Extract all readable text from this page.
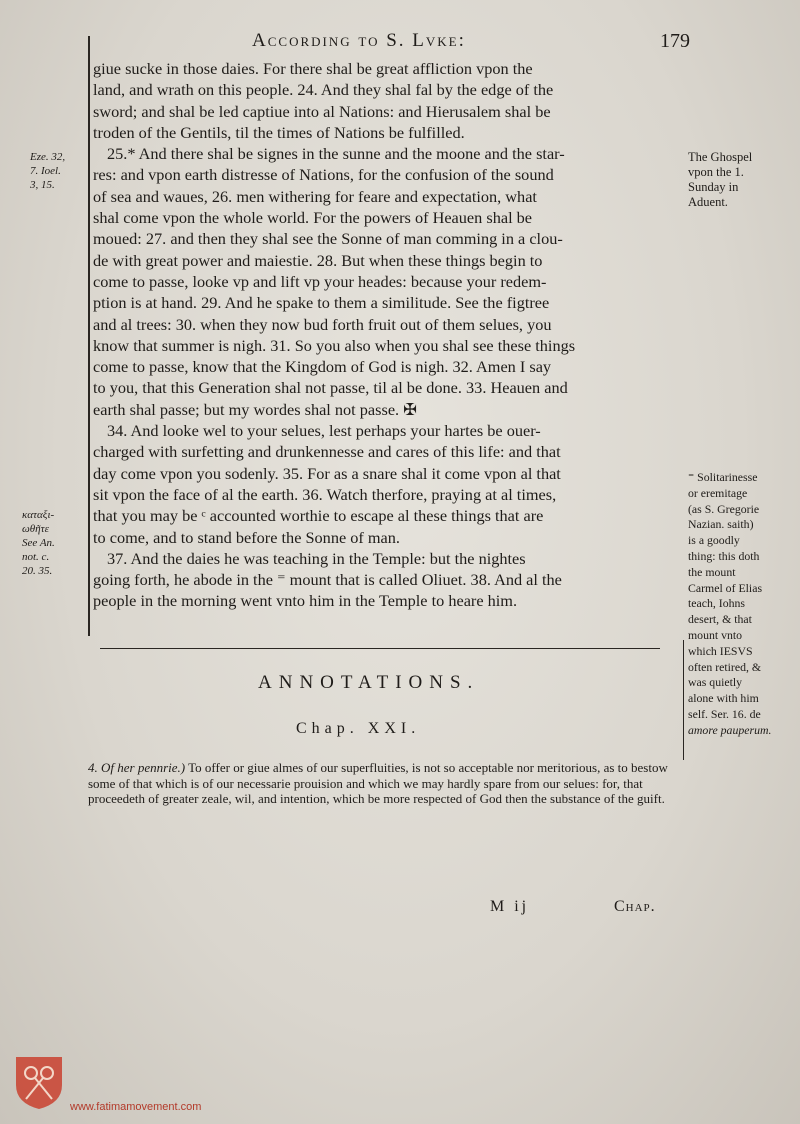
According to S. Lvke:	179
giue sucke in those daies. For there shal be great affliction vpon the
land, and wrath on this people. 24. And they shal fal by the edge of the
sword; and shal be led captiue into al Nations: and Hierusalem shal be
troden of the Gentils, til the times of Nations be fulfilled.
25.* And there shal be signes in the sunne and the moone and the star-
res: and vpon earth distresse of Nations, for the confusion of the sound
of sea and waues, 26. men withering for feare and expectation, what
shal come vpon the whole world. For the powers of Heauen shal be
moued: 27. and then they shal see the Sonne of man comming in a clou-
de with great power and maiestie. 28. But when these things begin to
come to passe, looke vp and lift vp your heades: because your redem-
ption is at hand. 29. And he spake to them a similitude. See the figtree
and al trees: 30. when they now bud forth fruit out of them selues, you
know that summer is nigh. 31. So you also when you shal see these things
come to passe, know that the Kingdom of God is nigh. 32. Amen I say
to you, that this Generation shal not passe, til al be done. 33. Heauen and
earth shal passe; but my wordes shal not passe. ✠
34. And looke wel to your selues, lest perhaps your hartes be ouer-
charged with surfetting and drunkennesse and cares of this life: and that
day come vpon you sodenly. 35. For as a snare shal it come vpon al that
sit vpon the face of al the earth. 36. Watch therfore, praying at al times,
that you may be ᶜ accounted worthie to escape al these things that are
to come, and to stand before the Sonne of man.
37. And the daies he was teaching in the Temple: but the nightes
going forth, he abode in the ⁼ mount that is called Oliuet. 38. And al the
people in the morning went vnto him in the Temple to heare him.
Eze. 32,
7. Ioel.
3, 15.
καταξι-
ωθῆτε
See An.
not. c.
20. 35.
The Ghospel
vpon the 1.
Sunday in
Aduent.
⁼ Solitarinesse
or eremitage
(as S. Gregorie
Nazian. saith)
is a goodly
thing: this doth
the mount
Carmel of Elias
teach, Iohns
desert, & that
mount vnto
which IESVS
often retired, &
was quietly
alone with him
self. Ser. 16. de
amore pauperum.
ANNOTATIONS.
Chap. XXI.
4. Of her pennrie.) To offer or giue almes of our superfluities, is not so acceptable nor meritorious, as to bestow some of that which is of our necessarie prouision and which we may hardly spare from our selues: for, that proceedeth of greater zeale, wil, and intention, which be more respected of God then the substance of the guift.
M ij	Chap.
www.fatimamovement.com
